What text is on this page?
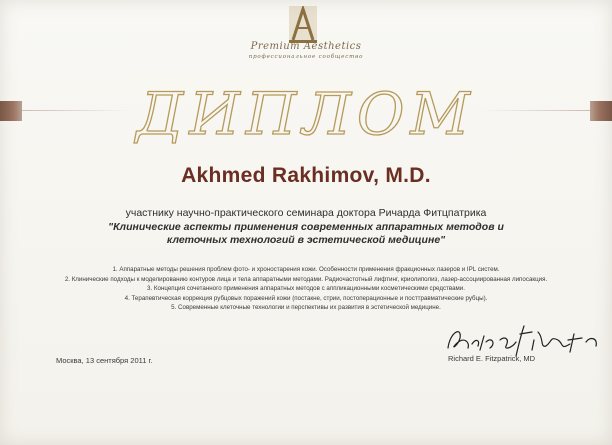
Premium Aesthetics
профессиональное сообщество
ДИПЛОМ
Akhmed Rakhimov, M.D.
участнику научно-практического семинара доктора Ричарда Фитцпатрика
"Клинические аспекты применения современных аппаратных методов и клеточных технологий в эстетической медицине"
1. Аппаратные методы решения проблем фото- и хроностарения кожи. Особенности применения фракционных лазеров и IPL систем.
2. Клинические подходы к моделированию контуров лица и тела аппаратными методами. Радиочастотный лифтинг, криолиполиз, лазер-ассоциированная липосакция.
3. Концепция сочетанного применения аппаратных методов с аппликационными косметическими средствами.
4. Терапевтическая коррекция рубцовых поражений кожи (постакне, стрии, постоперационные и посттравматические рубцы).
5. Современные клеточные технологии и перспективы их развития в эстетической медицине.
Москва, 13 сентября 2011 г.	Richard E. Fitzpatrick, MD
